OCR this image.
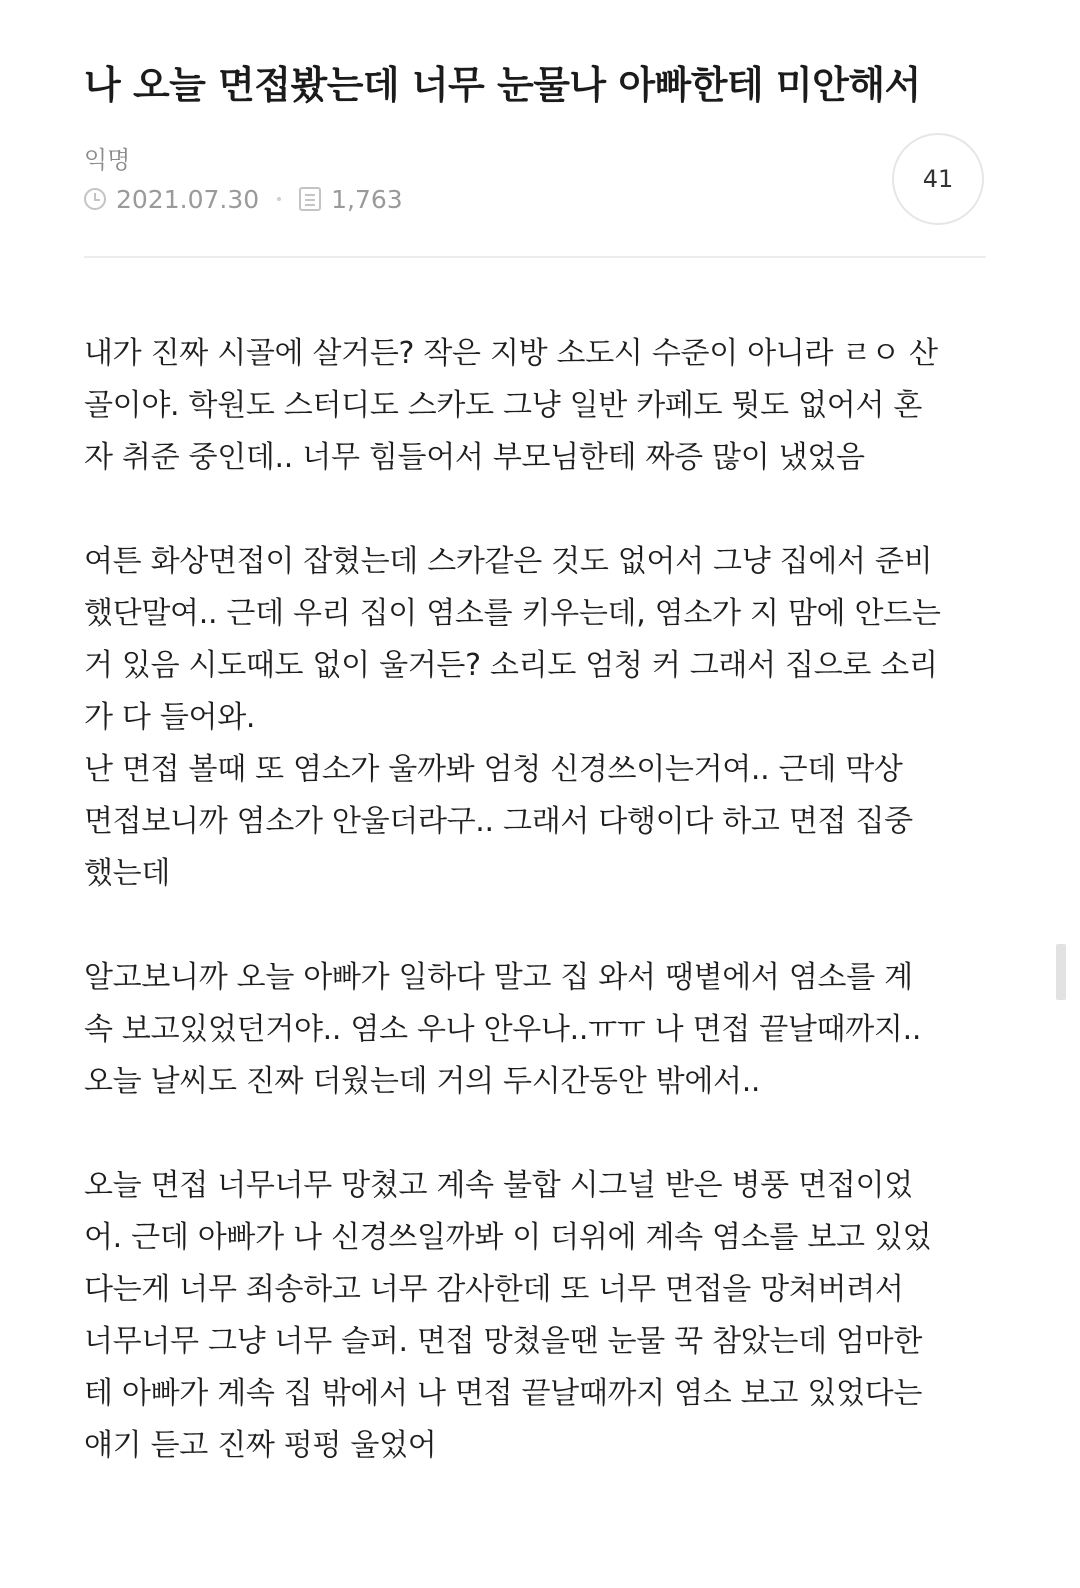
나 오늘 면접봤는데 너무 눈물나 아빠한테 미안해서
익명
2021.07.30	1,763
41
내가 진짜 시골에 살거든? 작은 지방 소도시 수준이 아니라 ㄹㅇ 산
골이야. 학원도 스터디도 스카도 그냥 일반 카페도 뭣도 없어서 혼
자 취준 중인데.. 너무 힘들어서 부모님한테 짜증 많이 냈었음
여튼 화상면접이 잡혔는데 스카같은 것도 없어서 그냥 집에서 준비
했단말여.. 근데 우리 집이 염소를 키우는데, 염소가 지 맘에 안드는
거 있음 시도때도 없이 울거든? 소리도 엄청 커 그래서 집으로 소리
가 다 들어와.
난 면접 볼때 또 염소가 울까봐 엄청 신경쓰이는거여.. 근데 막상
면접보니까 염소가 안울더라구.. 그래서 다행이다 하고 면접 집중
했는데
알고보니까 오늘 아빠가 일하다 말고 집 와서 땡볕에서 염소를 계
속 보고있었던거야.. 염소 우나 안우나..ㅠㅠ 나 면접 끝날때까지..
오늘 날씨도 진짜 더웠는데 거의 두시간동안 밖에서..
오늘 면접 너무너무 망쳤고 계속 불합 시그널 받은 병풍 면접이었
어. 근데 아빠가 나 신경쓰일까봐 이 더위에 계속 염소를 보고 있었
다는게 너무 죄송하고 너무 감사한데 또 너무 면접을 망쳐버려서
너무너무 그냥 너무 슬퍼. 면접 망쳤을땐 눈물 꾹 참았는데 엄마한
테 아빠가 계속 집 밖에서 나 면접 끝날때까지 염소 보고 있었다는
얘기 듣고 진짜 펑펑 울었어
